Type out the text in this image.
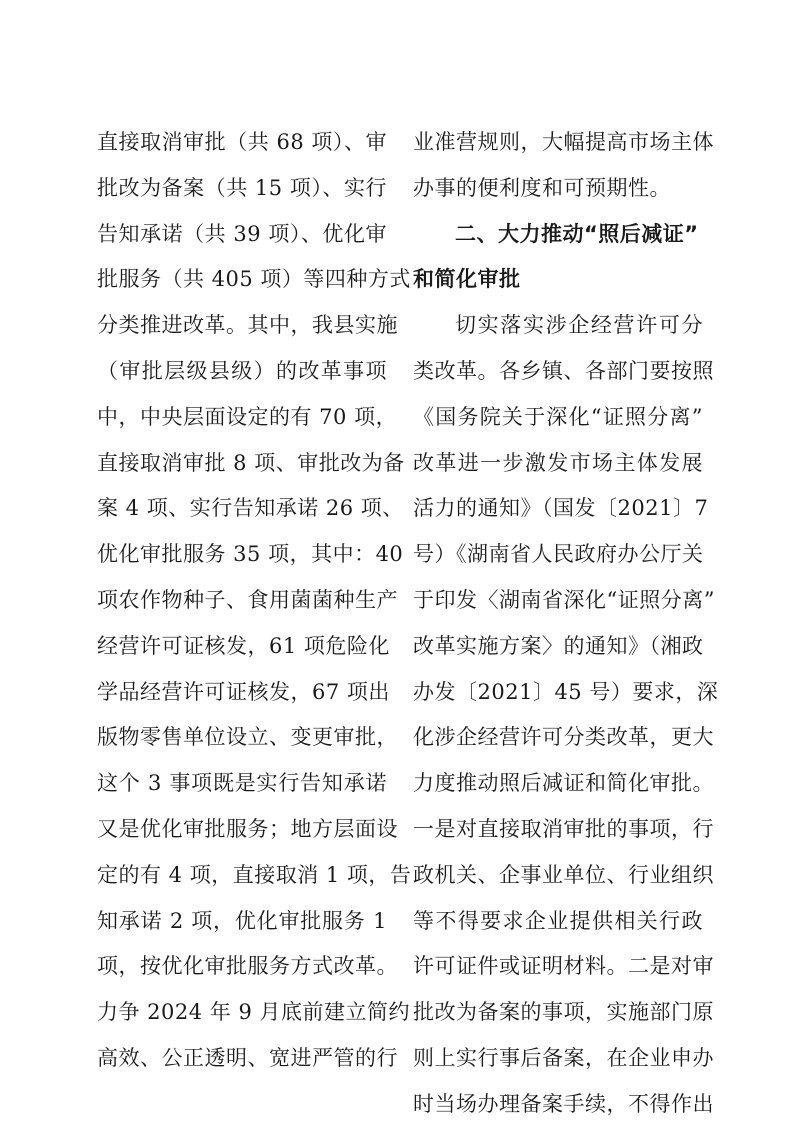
直接取消审批（共 68 项）、审
批改为备案（共 15 项）、实行
告知承诺（共 39 项）、优化审
批服务（共 405 项）等四种方式
分类推进改革。其中，我县实施
（审批层级县级）的改革事项
中，中央层面设定的有 70 项，
直接取消审批 8 项、审批改为备
案 4 项、实行告知承诺 26 项、
优化审批服务 35 项，其中：40
项农作物种子、食用菌菌种生产
经营许可证核发，61 项危险化
学品经营许可证核发，67 项出
版物零售单位设立、变更审批，
这个 3 事项既是实行告知承诺
又是优化审批服务；地方层面设
定的有 4 项，直接取消 1 项，告
知承诺 2 项，优化审批服务 1
项，按优化审批服务方式改革。
力争 2024 年 9 月底前建立简约
高效、公正透明、宽进严管的行
业准营规则，大幅提高市场主体
办事的便利度和可预期性。
二、大力推动“照后减证”
和简化审批
切实落实涉企经营许可分
类改革。各乡镇、各部门要按照
《国务院关于深化“证照分离”
改革进一步激发市场主体发展
活力的通知》（国发〔2021〕7
号）《湖南省人民政府办公厅关
于印发〈湖南省深化“证照分离”
改革实施方案〉的通知》（湘政
办发〔2021〕45 号）要求，深
化涉企经营许可分类改革，更大
力度推动照后减证和简化审批。
一是对直接取消审批的事项，行
政机关、企事业单位、行业组织
等不得要求企业提供相关行政
许可证件或证明材料。二是对审
批改为备案的事项，实施部门原
则上实行事后备案，在企业申办
时当场办理备案手续，不得作出
